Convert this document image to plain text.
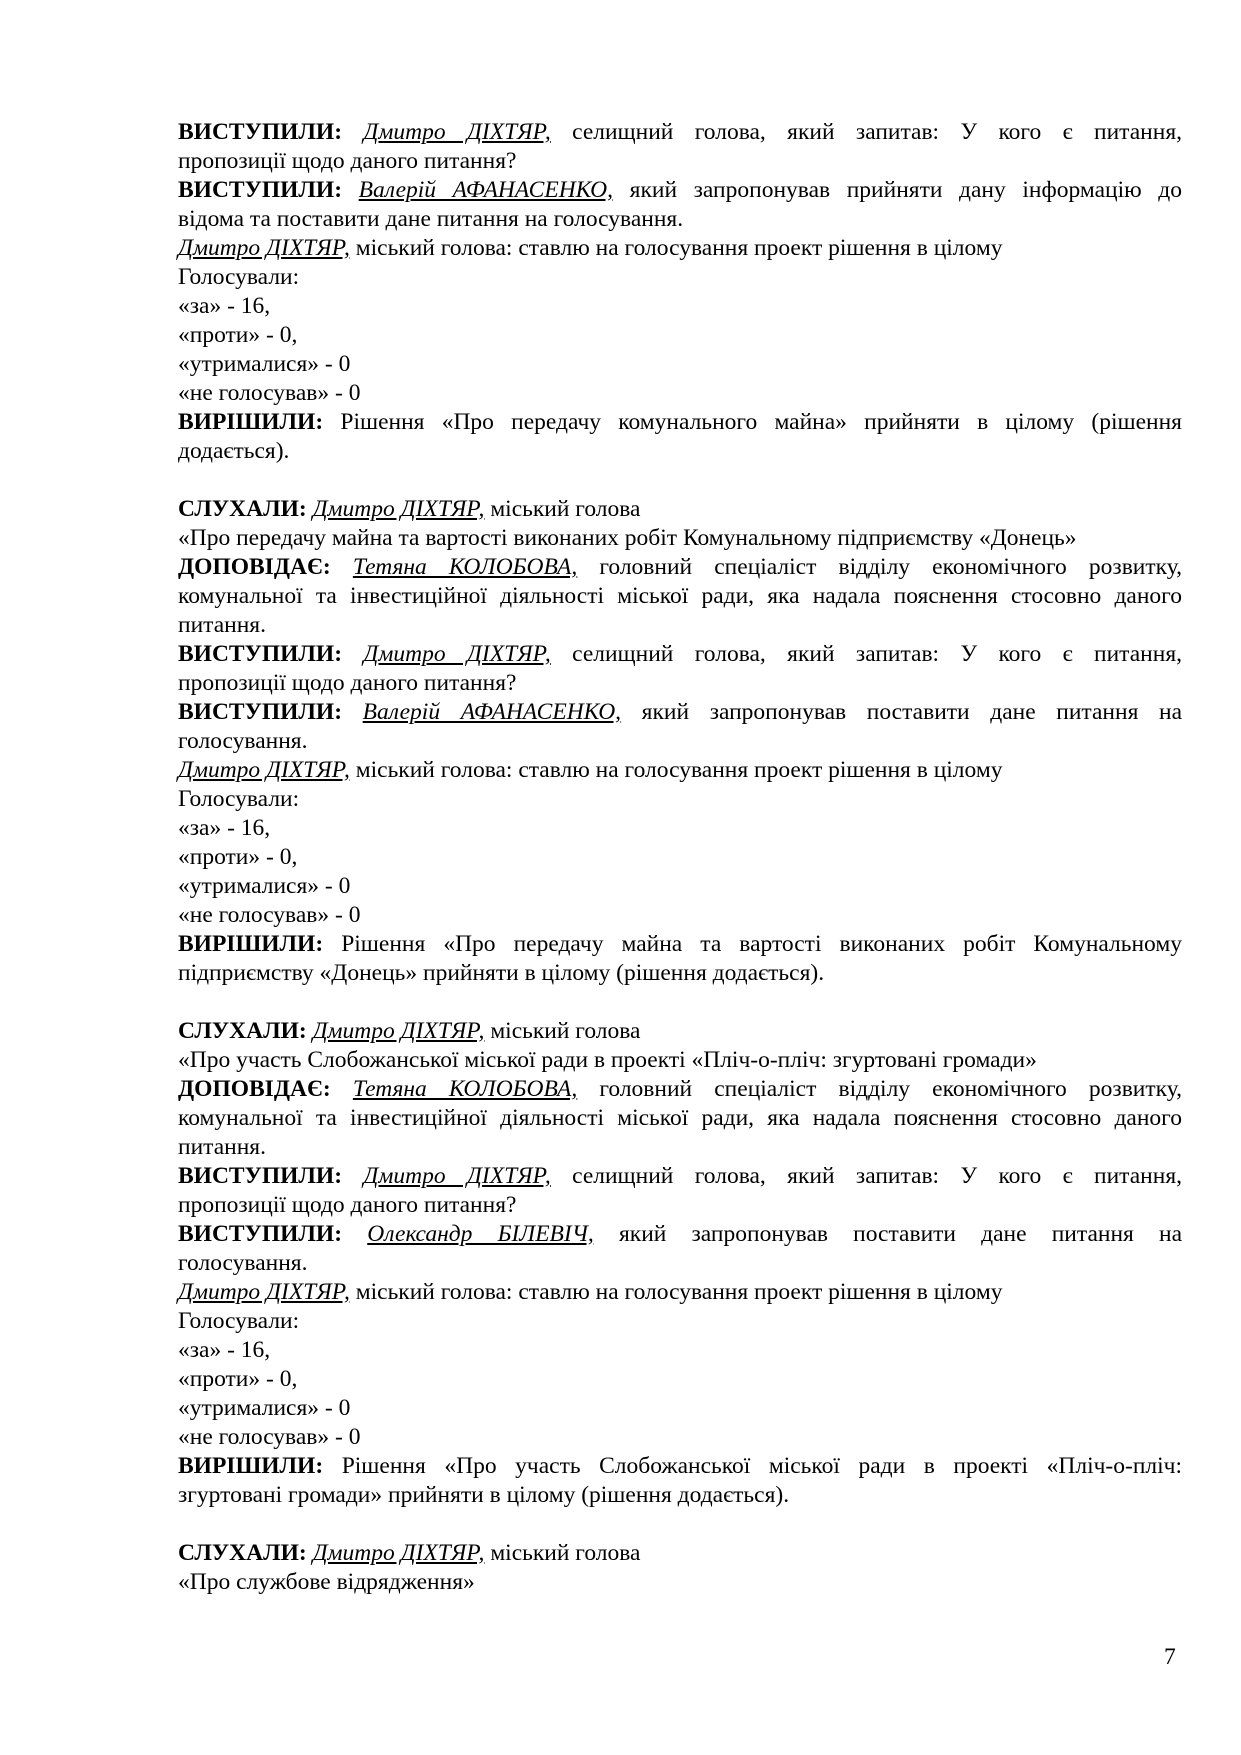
ВИСТУПИЛИ: Дмитро ДІХТЯР, селищний голова, який запитав: У кого є питання,
пропозиції щодо даного питання?
ВИСТУПИЛИ: Валерій АФАНАСЕНКО, який запропонував прийняти дану інформацію до
відома та поставити дане питання на голосування.
Дмитро ДІХТЯР, міський голова: ставлю на голосування проект рішення в цілому
Голосували:
«за» - 16,
«проти» - 0,
«утрималися» - 0
«не голосував» - 0
ВИРІШИЛИ: Рішення «Про передачу комунального майна» прийняти в цілому (рішення
додається).
СЛУХАЛИ: Дмитро ДІХТЯР, міський голова
«Про передачу майна та вартості виконаних робіт Комунальному підприємству «Донець»
ДОПОВІДАЄ: Тетяна КОЛОБОВА, головний спеціаліст відділу економічного розвитку,
комунальної та інвестиційної діяльності міської ради, яка надала пояснення стосовно даного
питання.
ВИСТУПИЛИ: Дмитро ДІХТЯР, селищний голова, який запитав: У кого є питання,
пропозиції щодо даного питання?
ВИСТУПИЛИ: Валерій АФАНАСЕНКО, який запропонував поставити дане питання на
голосування.
Дмитро ДІХТЯР, міський голова: ставлю на голосування проект рішення в цілому
Голосували:
«за» - 16,
«проти» - 0,
«утрималися» - 0
«не голосував» - 0
ВИРІШИЛИ: Рішення «Про передачу майна та вартості виконаних робіт Комунальному
підприємству «Донець» прийняти в цілому (рішення додається).
СЛУХАЛИ: Дмитро ДІХТЯР, міський голова
«Про участь Слобожанської міської ради в проекті «Пліч-о-пліч: згуртовані громади»
ДОПОВІДАЄ: Тетяна КОЛОБОВА, головний спеціаліст відділу економічного розвитку,
комунальної та інвестиційної діяльності міської ради, яка надала пояснення стосовно даного
питання.
ВИСТУПИЛИ: Дмитро ДІХТЯР, селищний голова, який запитав: У кого є питання,
пропозиції щодо даного питання?
ВИСТУПИЛИ: Олександр БІЛЕВІЧ, який запропонував поставити дане питання на
голосування.
Дмитро ДІХТЯР, міський голова: ставлю на голосування проект рішення в цілому
Голосували:
«за» - 16,
«проти» - 0,
«утрималися» - 0
«не голосував» - 0
ВИРІШИЛИ: Рішення «Про участь Слобожанської міської ради в проекті «Пліч-о-пліч:
згуртовані громади» прийняти в цілому (рішення додається).
СЛУХАЛИ: Дмитро ДІХТЯР, міський голова
«Про службове відрядження»
7
